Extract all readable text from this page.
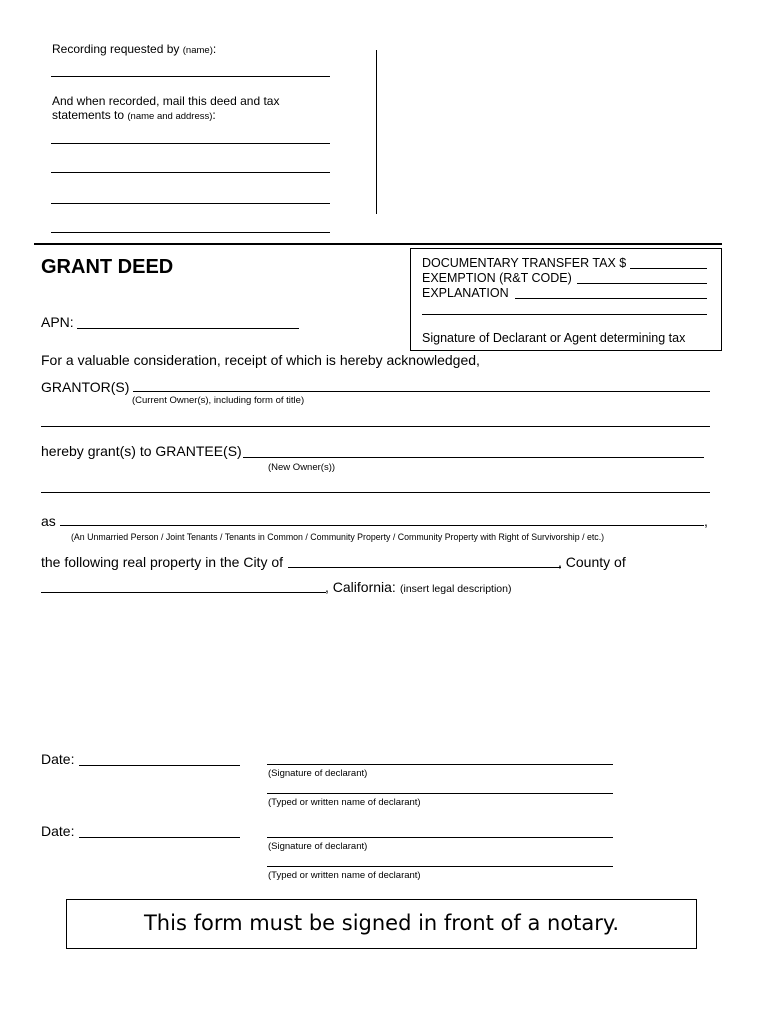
Recording requested by (name):
And when recorded, mail this deed and tax
statements to (name and address):
GRANT DEED	DOCUMENTARY TRANSFER TAX $
EXEMPTION (R&T CODE)
EXPLANATION
Signature of Declarant or Agent determining tax
APN:
For a valuable consideration, receipt of which is hereby acknowledged,
GRANTOR(S)
(Current Owner(s), including form of title)
hereby grant(s) to GRANTEE(S)
(New Owner(s))
as	,
(An Unmarried Person / Joint Tenants / Tenants in Common / Community Property / Community Property with Right of Survivorship / etc.)
the following real property in the City of	, County of
, California: (insert legal description)
Date:
(Signature of declarant)
(Typed or written name of declarant)
Date:
(Signature of declarant)
(Typed or written name of declarant)
This form must be signed in front of a notary.
